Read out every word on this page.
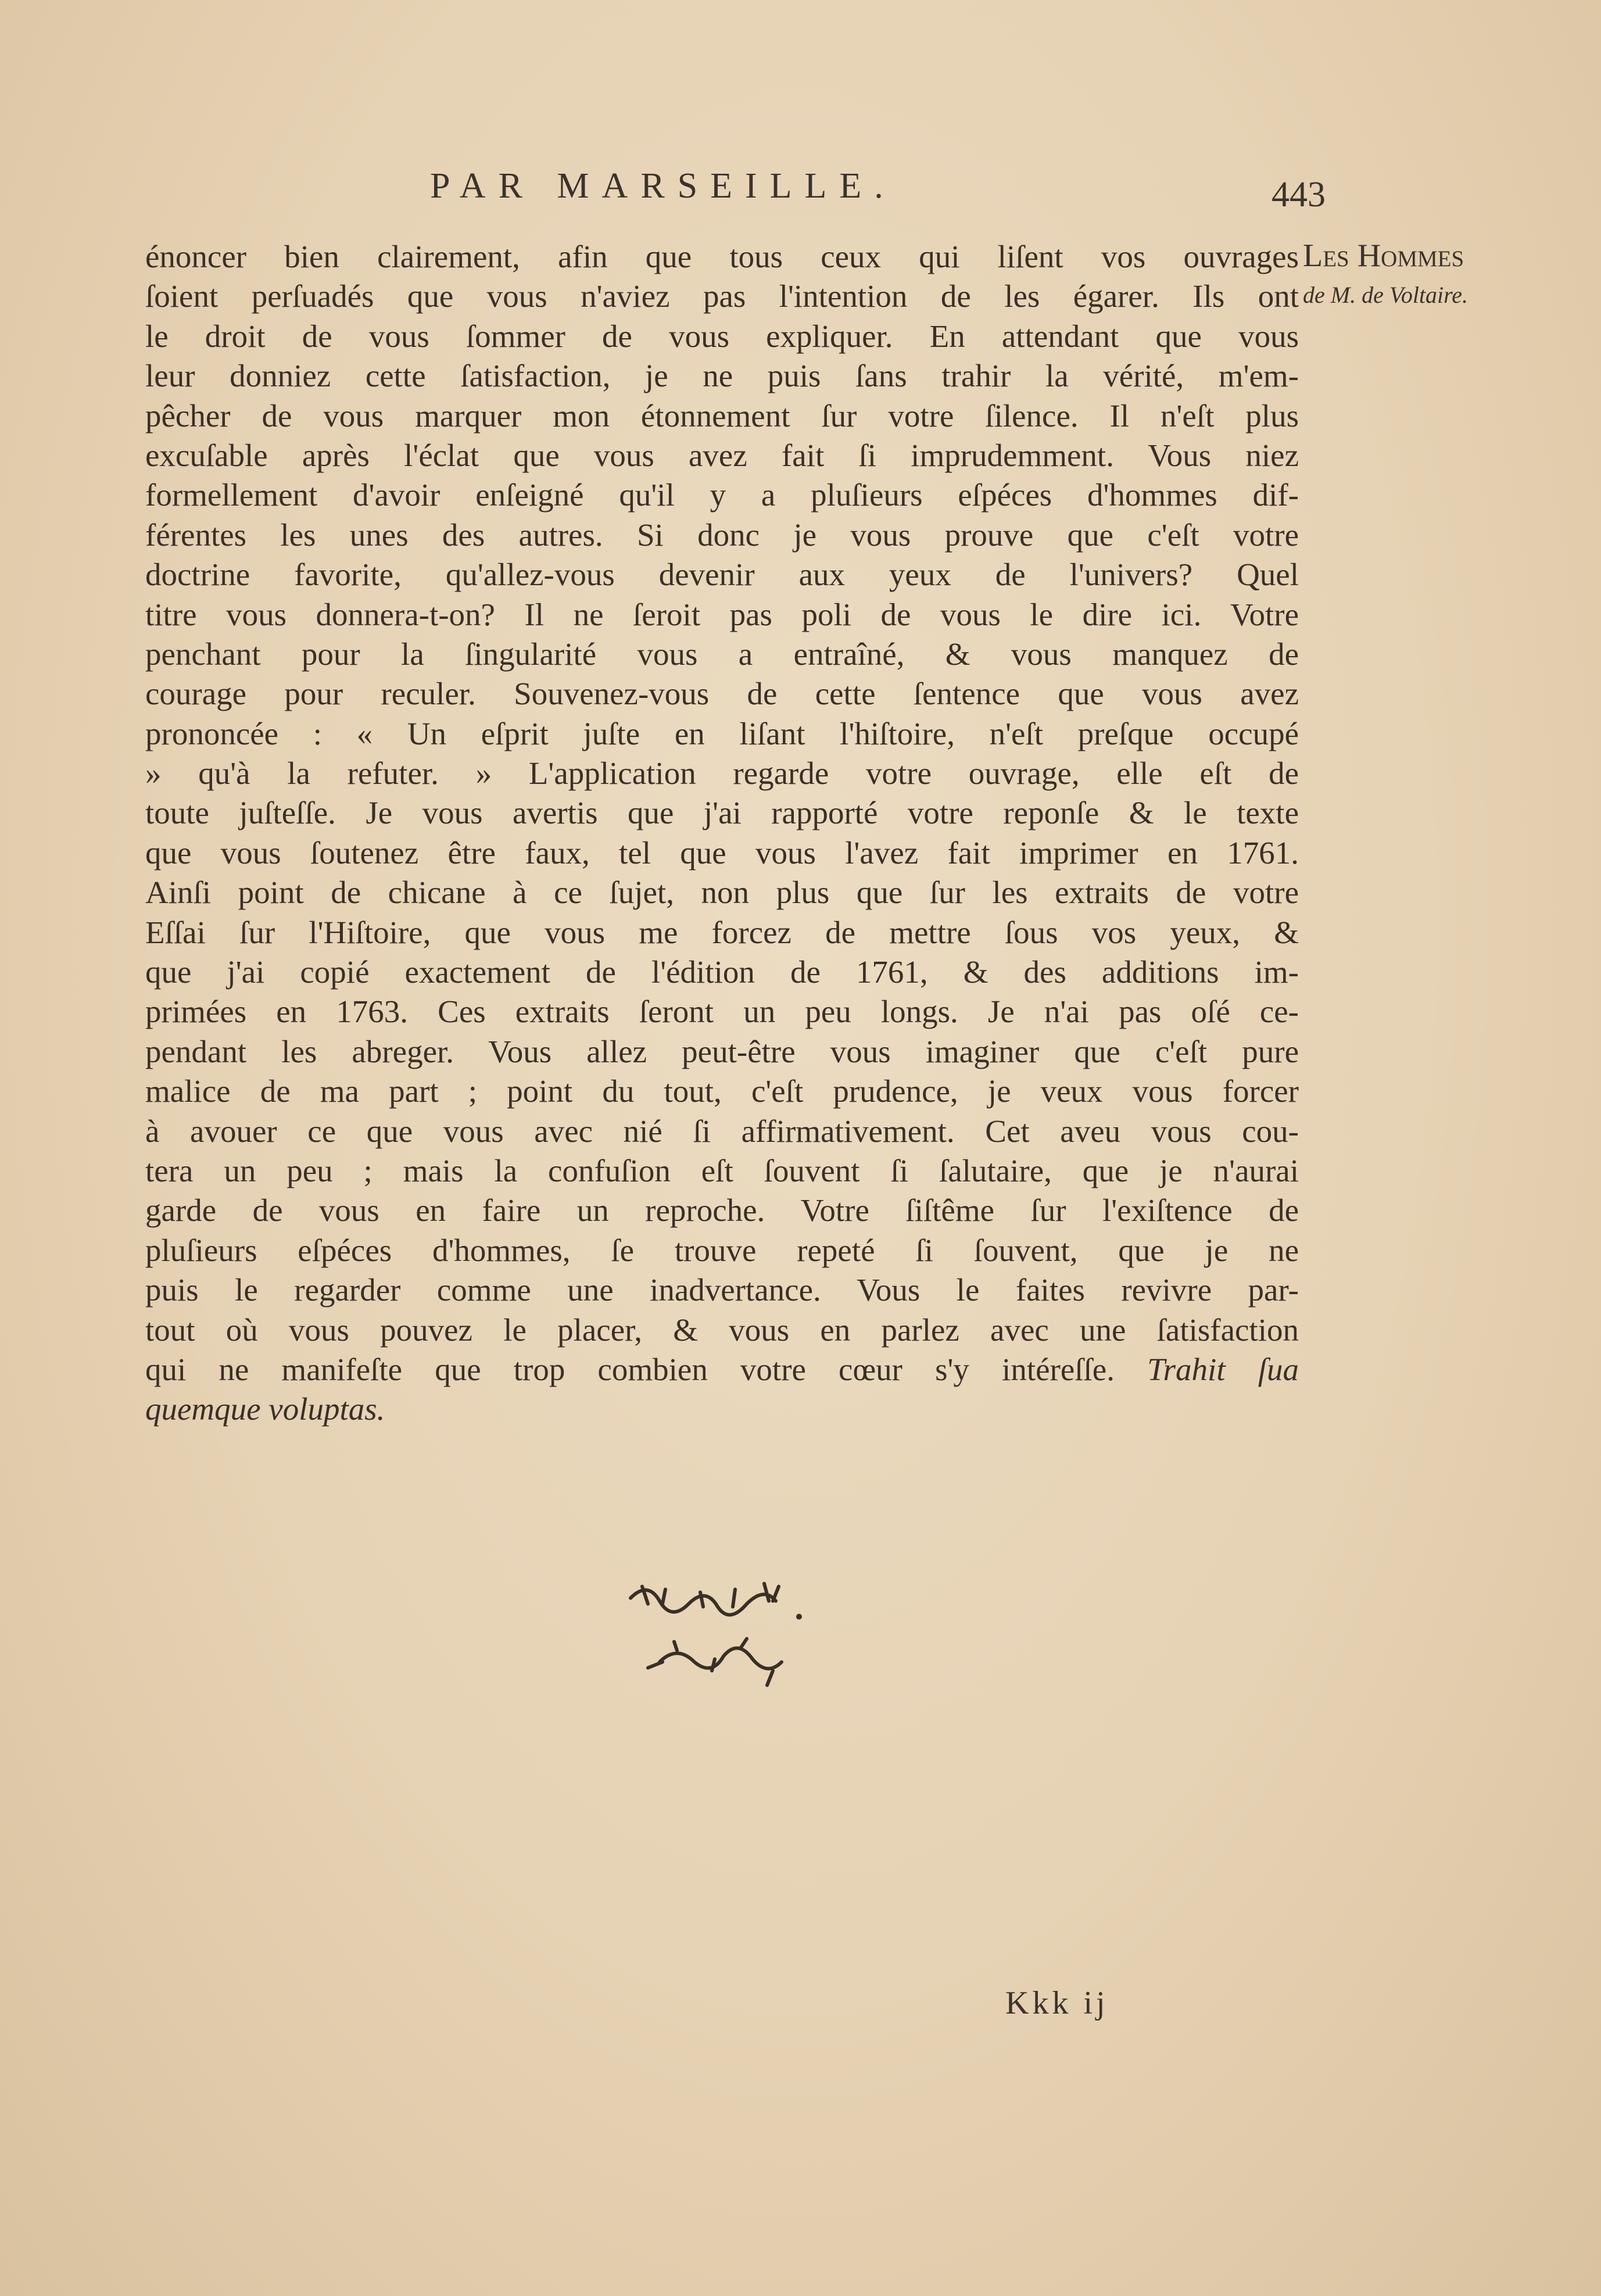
PAR MARSEILLE.	443
Les Hommes
de M. de Voltaire.
énoncer bien clairement, afin que tous ceux qui liſent vos ouvrages
ſoient perſuadés que vous n'aviez pas l'intention de les égarer. Ils ont
le droit de vous ſommer de vous expliquer. En attendant que vous
leur donniez cette ſatisfaction, je ne puis ſans trahir la vérité, m'em-
pêcher de vous marquer mon étonnement ſur votre ſilence. Il n'eſt plus
excuſable après l'éclat que vous avez fait ſi imprudemment. Vous niez
formellement d'avoir enſeigné qu'il y a pluſieurs eſpéces d'hommes dif-
férentes les unes des autres. Si donc je vous prouve que c'eſt votre
doctrine favorite, qu'allez-vous devenir aux yeux de l'univers? Quel
titre vous donnera-t-on? Il ne ſeroit pas poli de vous le dire ici. Votre
penchant pour la ſingularité vous a entraîné, & vous manquez de
courage pour reculer. Souvenez-vous de cette ſentence que vous avez
prononcée : « Un eſprit juſte en liſant l'hiſtoire, n'eſt preſque occupé
» qu'à la refuter. » L'application regarde votre ouvrage, elle eſt de
toute juſteſſe. Je vous avertis que j'ai rapporté votre reponſe & le texte
que vous ſoutenez être faux, tel que vous l'avez fait imprimer en 1761.
Ainſi point de chicane à ce ſujet, non plus que ſur les extraits de votre
Eſſai ſur l'Hiſtoire, que vous me forcez de mettre ſous vos yeux, &
que j'ai copié exactement de l'édition de 1761, & des additions im-
primées en 1763. Ces extraits ſeront un peu longs. Je n'ai pas oſé ce-
pendant les abreger. Vous allez peut-être vous imaginer que c'eſt pure
malice de ma part ; point du tout, c'eſt prudence, je veux vous forcer
à avouer ce que vous avec nié ſi affirmativement. Cet aveu vous cou-
tera un peu ; mais la confuſion eſt ſouvent ſi ſalutaire, que je n'aurai
garde de vous en faire un reproche. Votre ſiſtême ſur l'exiſtence de
pluſieurs eſpéces d'hommes, ſe trouve repeté ſi ſouvent, que je ne
puis le regarder comme une inadvertance. Vous le faites revivre par-
tout où vous pouvez le placer, & vous en parlez avec une ſatisfaction
qui ne manifeſte que trop combien votre cœur s'y intéreſſe. Trahit ſua
quemque voluptas.
Kkk ij
